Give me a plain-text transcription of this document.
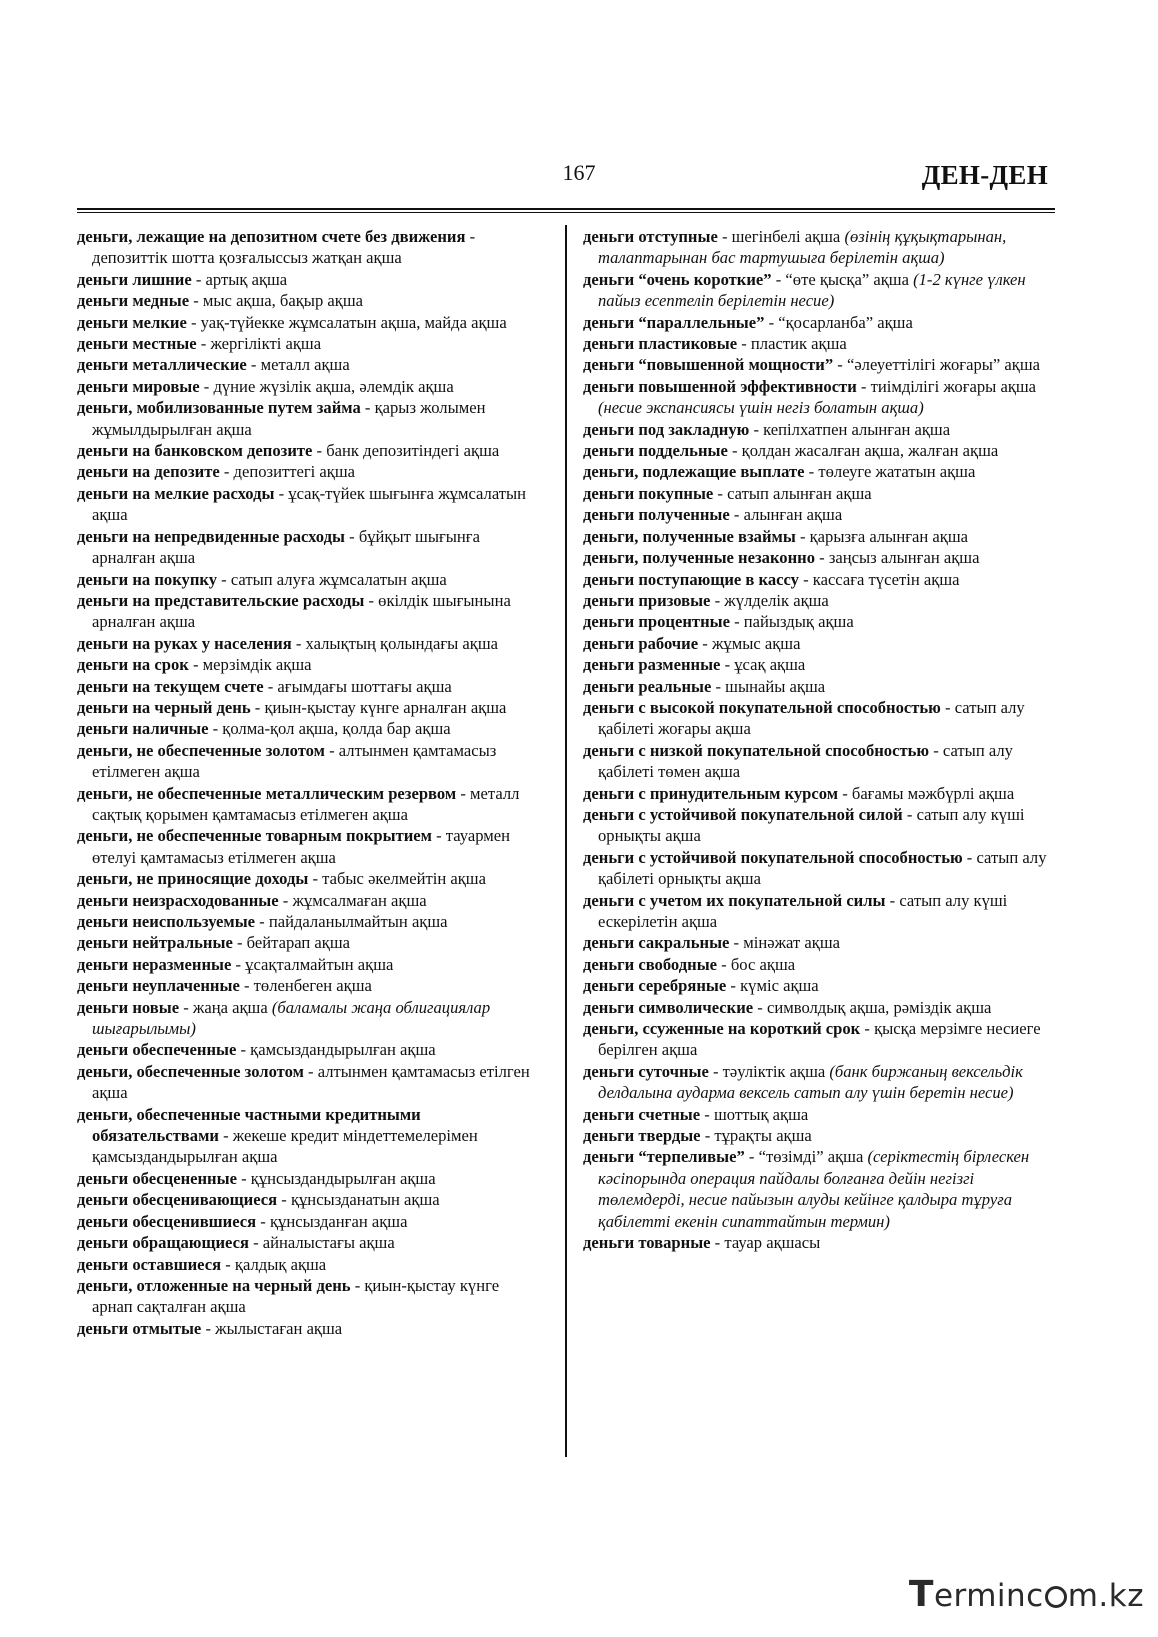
167	ДЕН-ДЕН

деньги, лежащие на депозитном счете без движения - депозиттік шотта қозғалыссыз жатқан ақша

деньги лишние - артық ақша

деньги медные - мыс ақша, бақыр ақша

деньги мелкие - уақ-түйекке жұмсалатын ақша, майда ақша

деньги местные - жергілікті ақша

деньги металлические - металл ақша

деньги мировые - дүние жүзілік ақша, әлемдік ақша

деньги, мобилизованные путем займа - қарыз жолымен жұмылдырылған ақша

деньги на банковском депозите - банк депозитіндегі ақша

деньги на депозите - депозиттегі ақша

деньги на мелкие расходы - ұсақ-түйек шығынға жұмсалатын ақша

деньги на непредвиденные расходы - бұйқыт шығынға арналған ақша

деньги на покупку - сатып алуға жұмсалатын ақша

деньги на представительские расходы - өкілдік шығынына арналған ақша

деньги на руках у населения - халықтың қолындағы ақша

деньги на срок - мерзімдік ақша

деньги на текущем счете - ағымдағы шоттағы ақша

деньги на черный день - қиын-қыстау күнге арналған ақша

деньги наличные - қолма-қол ақша, қолда бар ақша

деньги, не обеспеченные золотом - алтынмен қамтамасыз етілмеген ақша

деньги, не обеспеченные металлическим резервом - металл сақтық қорымен қамтамасыз етілмеген ақша

деньги, не обеспеченные товарным покрытием - тауармен өтелуі қамтамасыз етілмеген ақша

деньги, не приносящие доходы - табыс әкелмейтін ақша

деньги неизрасходованные - жұмсалмаған ақша

деньги неиспользуемые - пайдаланылмайтын ақша

деньги нейтральные - бейтарап ақша

деньги неразменные - ұсақталмайтын ақша

деньги неуплаченные - төленбеген ақша

деньги новые - жаңа ақша (баламалы жаңа облигациялар шығарылымы)

деньги обеспеченные - қамсыздандырылған ақша

деньги, обеспеченные золотом - алтынмен қамтамасыз етілген ақша

деньги, обеспеченные частными кредитными обязательствами - жекеше кредит міндеттемелерімен қамсыздандырылған ақша

деньги обесцененные - құнсыздандырылған ақша

деньги обесценивающиеся - құнсызданатын ақша

деньги обесценившиеся - құнсызданған ақша

деньги обращающиеся - айналыстағы ақша

деньги оставшиеся - қалдық ақша

деньги, отложенные на черный день - қиын-қыстау күнге арнап сақталған ақша

деньги отмытые - жылыстаған ақша

деньги отступные - шегінбелі ақша (өзінің құқықтарынан, талаптарынан бас тартушыға берілетін ақша)

деньги “очень короткие” - “өте қысқа” ақша (1-2 күнге үлкен пайыз есептеліп берілетін несие)

деньги “параллельные” - “қосарланба” ақша

деньги пластиковые - пластик ақша

деньги “повышенной мощности” - “әлеуеттілігі жоғары” ақша

деньги повышенной эффективности - тиімділігі жоғары ақша (несие экспансиясы үшін негіз болатын ақша)

деньги под закладную - кепілхатпен алынған ақша

деньги поддельные - қолдан жасалған ақша, жалған ақша

деньги, подлежащие выплате - төлеуге жататын ақша

деньги покупные - сатып алынған ақша

деньги полученные - алынған ақша

деньги, полученные взаймы - қарызға алынған ақша

деньги, полученные незаконно - заңсыз алынған ақша

деньги поступающие в кассу - кассаға түсетін ақша

деньги призовые - жүлделік ақша

деньги процентные - пайыздық ақша

деньги рабочие - жұмыс ақша

деньги разменные - ұсақ ақша

деньги реальные - шынайы ақша

деньги с высокой покупательной способностью - сатып алу қабілеті жоғары ақша

деньги с низкой покупательной способностью - сатып алу қабілеті төмен ақша

деньги с принудительным курсом - бағамы мәжбүрлі ақша

деньги с устойчивой покупательной силой - сатып алу күші орнықты ақша

деньги с устойчивой покупательной способностью - сатып алу қабілеті орнықты ақша

деньги с учетом их покупательной силы - сатып алу күші ескерілетін ақша

деньги сакральные - мінәжат ақша

деньги свободные - бос ақша

деньги серебряные - күміс ақша

деньги символические - символдық ақша, рәміздік ақша

деньги, ссуженные на короткий срок - қысқа мерзімге несиеге берілген ақша

деньги суточные - тәуліктік ақша (банк биржаның вексельдік делдалына аударма вексель сатып алу үшін беретін несие)

деньги счетные - шоттық ақша

деньги твердые - тұрақты ақша

деньги “терпеливые” - “төзімді” ақша (серіктестің бірлескен кәсіпорында операция пайдалы болғанға дейін негізгі төлемдерді, несие пайызын алуды кейінге қалдыра тұруға қабілетті екенін сипаттайтын термин)

деньги товарные - тауар ақшасы

Terminc m.kz
